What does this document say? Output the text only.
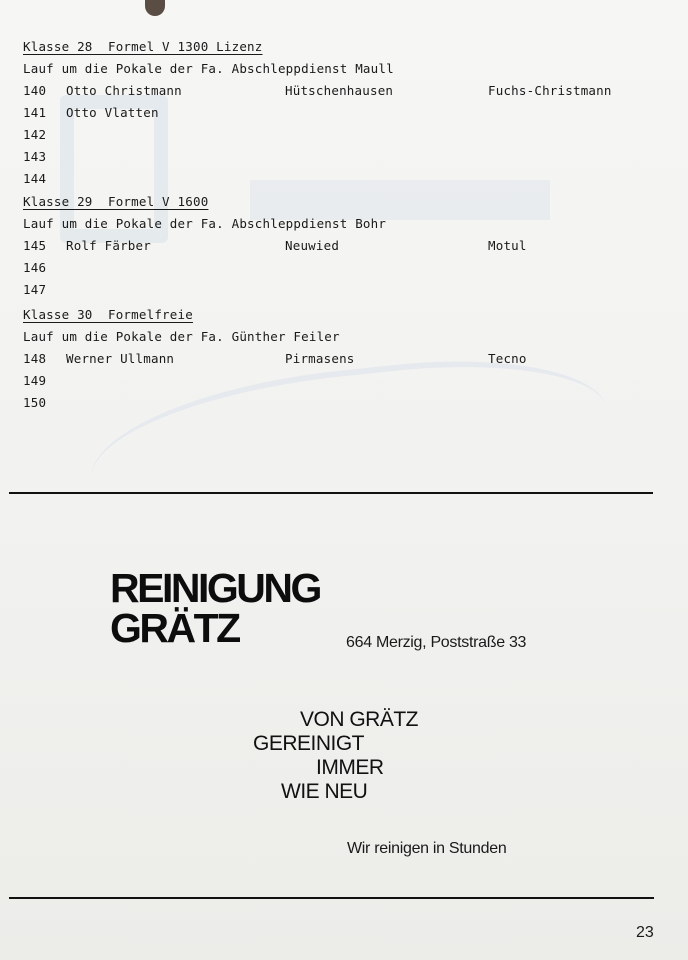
Klasse 28  Formel V 1300 Lizenz
Lauf um die Pokale der Fa. Abschleppdienst Maull
140 Otto Christmann	Hütschenhausen	Fuchs-Christmann
141 Otto Vlatten
142
143
144
Klasse 29  Formel V 1600
Lauf um die Pokale der Fa. Abschleppdienst Bohr
145 Rolf Färber	Neuwied	Motul
146
147
Klasse 30  Formelfreie
Lauf um die Pokale der Fa. Günther Feiler
148 Werner Ullmann	Pirmasens	Tecno
149
150
REINIGUNG
GRÄTZ	664 Merzig, Poststraße 33
VON GRÄTZ
GEREINIGT
IMMER
WIE NEU
Wir reinigen in Stunden
23
